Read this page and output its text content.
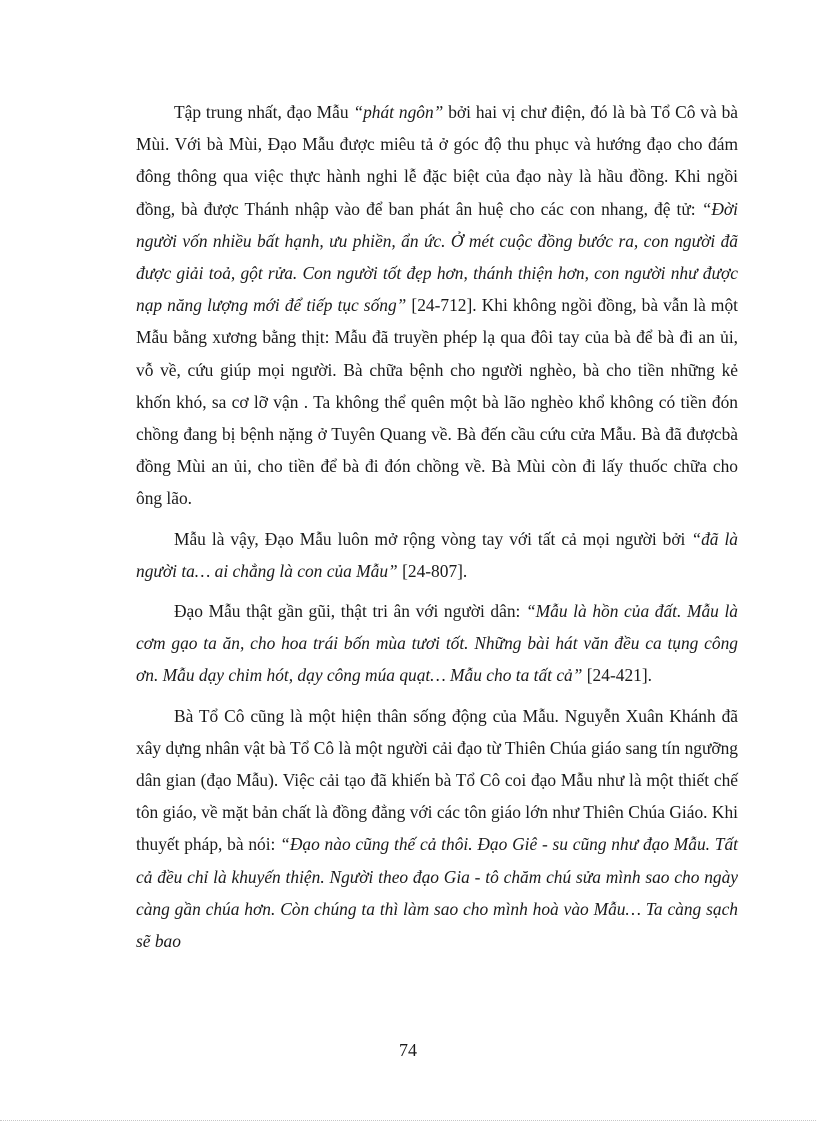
Tập trung nhất, đạo Mẫu “phát ngôn” bởi hai vị chư điện, đó là bà Tổ Cô và bà Mùi. Với bà Mùi, Đạo Mẫu được miêu tả ở góc độ thu phục và hướng đạo cho đám đông thông qua việc thực hành nghi lễ đặc biệt của đạo này là hầu đồng. Khi ngồi đồng, bà được Thánh nhập vào để ban phát ân huệ cho các con nhang, đệ tử: “Đời người vốn nhiều bất hạnh, ưu phiền, ẩn ức. Ở mét cuộc đồng bước ra, con người đã được giải toả, gột rửa. Con người tốt đẹp hơn, thánh thiện hơn, con người như được nạp năng lượng mới để tiếp tục sống” [24-712]. Khi không ngồi đồng, bà vẫn là một Mẫu bằng xương bằng thịt: Mẫu đã truyền phép lạ qua đôi tay của bà để bà đi an ủi, vỗ về, cứu giúp mọi người. Bà chữa bệnh cho người nghèo, bà cho tiền những kẻ khốn khó, sa cơ lỡ vận . Ta không thể quên một bà lão nghèo khổ không có tiền đón chồng đang bị bệnh nặng ở Tuyên Quang về. Bà đến cầu cứu cửa Mẫu. Bà đã đượcbà đồng Mùi an ủi, cho tiền để bà đi đón chồng về. Bà Mùi còn đi lấy thuốc chữa cho ông lão.

Mẫu là vậy, Đạo Mẫu luôn mở rộng vòng tay với tất cả mọi người bởi “đã là người ta… ai chẳng là con của Mẫu” [24-807].

Đạo Mẫu thật gần gũi, thật tri ân với người dân: “Mẫu là hồn của đất. Mẫu là cơm gạo ta ăn, cho hoa trái bốn mùa tươi tốt. Những bài hát văn đều ca tụng công ơn. Mẫu dạy chim hót, dạy công múa quạt… Mẫu cho ta tất cả” [24-421].

Bà Tổ Cô cũng là một hiện thân sống động của Mẫu. Nguyễn Xuân Khánh đã xây dựng nhân vật bà Tổ Cô là một người cải đạo từ Thiên Chúa giáo sang tín ngưỡng dân gian (đạo Mẫu). Việc cải tạo đã khiến bà Tổ Cô coi đạo Mẫu như là một thiết chế tôn giáo, về mặt bản chất là đồng đẳng với các tôn giáo lớn như Thiên Chúa Giáo. Khi thuyết pháp, bà nói: “Đạo nào cũng thế cả thôi. Đạo Giê - su cũng như đạo Mẫu. Tất cả đều chỉ là khuyến thiện. Người theo đạo Gia - tô chăm chú sửa mình sao cho ngày càng gần chúa hơn. Còn chúng ta thì làm sao cho mình hoà vào Mẫu… Ta càng sạch sẽ bao

74
